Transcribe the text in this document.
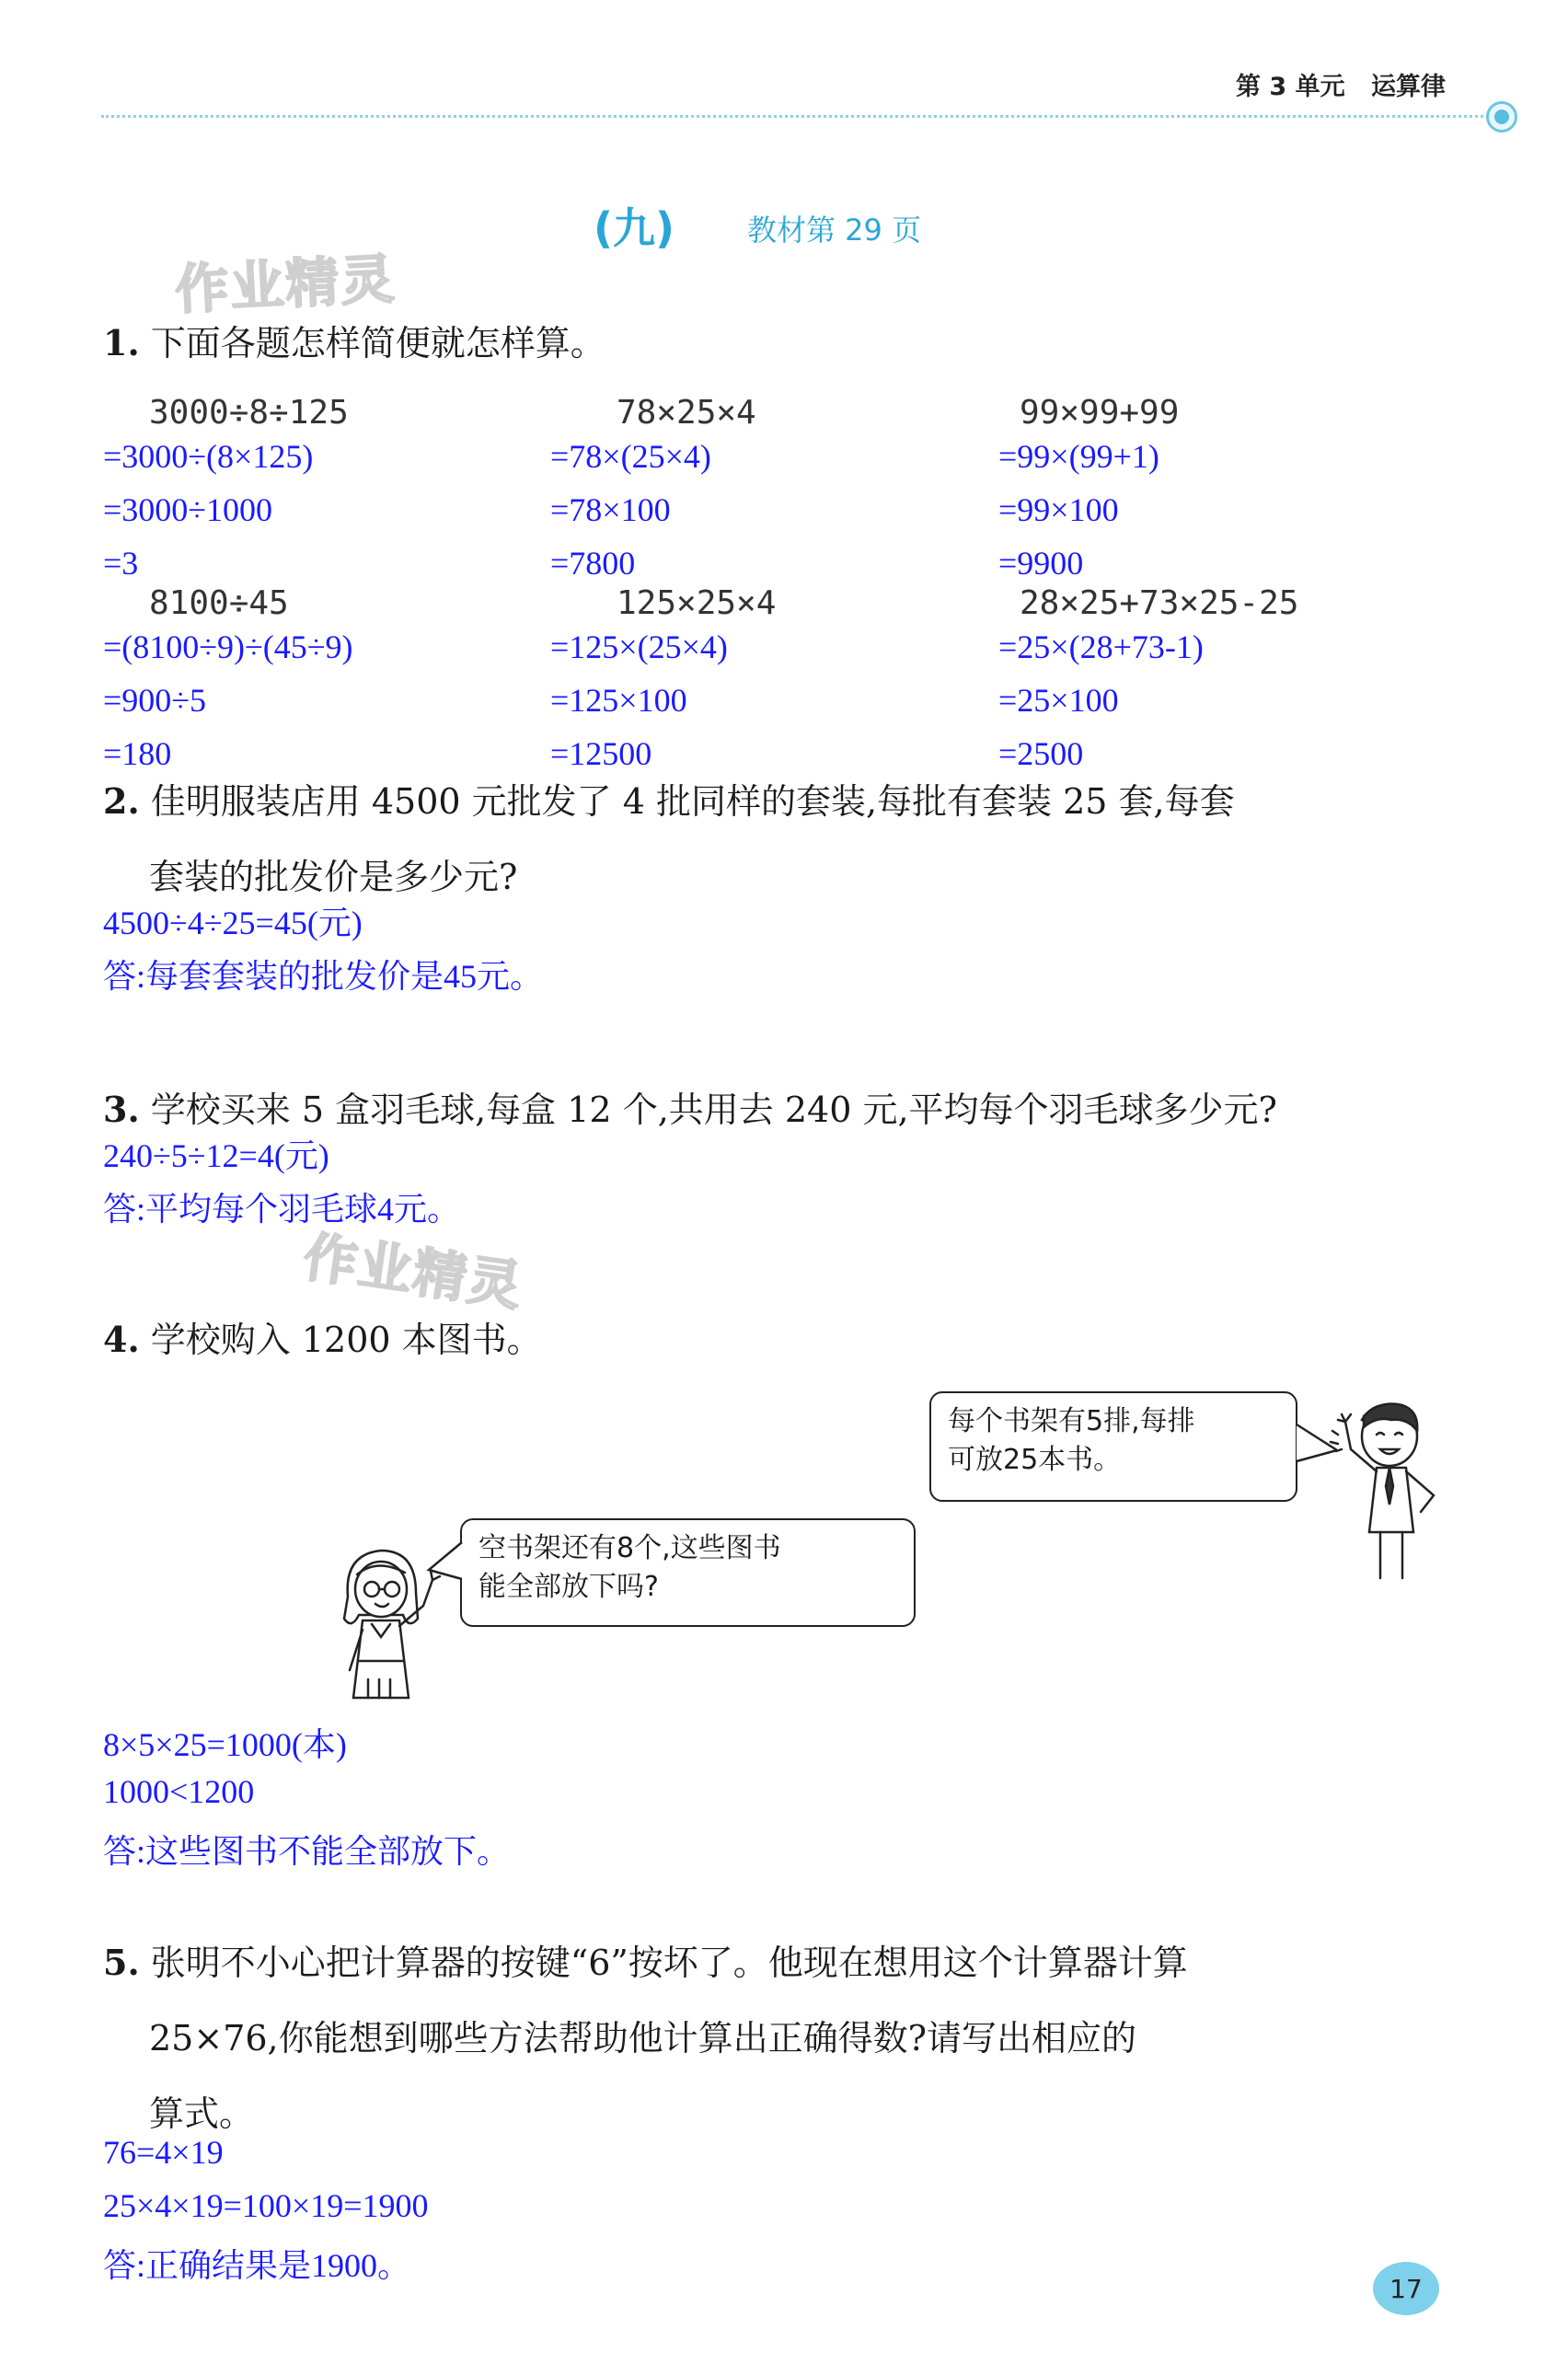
第 3 单元 运算律
(九) 教材第 29 页
作业精灵
作业精灵
1. 下面各题怎样简便就怎样算。
3000÷8÷125
=3000÷(8×125)
=3000÷1000
=3
78×25×4
=78×(25×4)
=78×100
=7800
99×99+99
=99×(99+1)
=99×100
=9900
8100÷45
=(8100÷9)÷(45÷9)
=900÷5
=180
125×25×4
=125×(25×4)
=125×100
=12500
28×25+73×25-25
=25×(28+73-1)
=25×100
=2500
2. 佳明服装店用 4500 元批发了 4 批同样的套装,每批有套装 25 套,每套
套装的批发价是多少元?
4500÷4÷25=45(元)
答:每套套装的批发价是45元。
3. 学校买来 5 盒羽毛球,每盒 12 个,共用去 240 元,平均每个羽毛球多少元?
240÷5÷12=4(元)
答:平均每个羽毛球4元。
4. 学校购入 1200 本图书。
每个书架有5排,每排
可放25本书。
空书架还有8个,这些图书
能全部放下吗?
8×5×25=1000(本)
1000<1200
答:这些图书不能全部放下。
5. 张明不小心把计算器的按键“6”按坏了。他现在想用这个计算器计算
25×76,你能想到哪些方法帮助他计算出正确得数?请写出相应的
算式。
76=4×19
25×4×19=100×19=1900
答:正确结果是1900。
17
